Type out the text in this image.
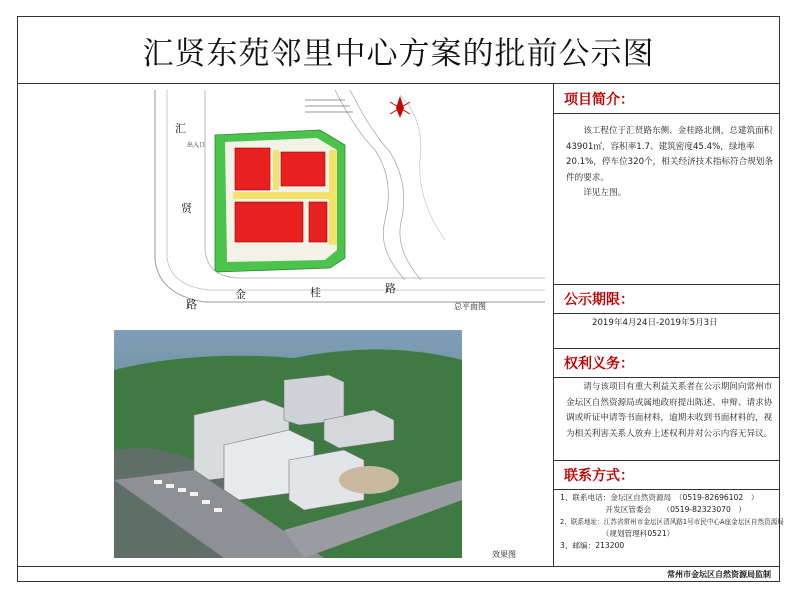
汇贤东苑邻里中心方案的批前公示图
汇
贤
路
金	桂	路
出入口
总平面图
效果图
项目简介：
该工程位于汇贤路东侧、金桂路北侧，总建筑面积43901㎡，容积率1.7、建筑密度45.4%，绿地率20.1%，停车位320个，相关经济技术指标符合规划条件的要求。
详见左图。
公示期限：
2019年4月24日-2019年5月3日
权利义务：
请与该项目有重大利益关系者在公示期间向常州市金坛区自然资源局或属地政府提出陈述、申辩、请求协调或听证申请等书面材料，逾期未收到书面材料的，视为相关利害关系人放弃上述权利并对公示内容无异议。
联系方式：
1、联系电话：金坛区自然资源局　（0519-82696102　）
　　　　　　开发区管委会　　（0519-82323070　）
2、联系地址：江苏省常州市金坛区清风路1号市民中心A座金坛区自然资源局
　　　　　　（规划管理科0521）
3、邮编：213200
常州市金坛区自然资源局监制
